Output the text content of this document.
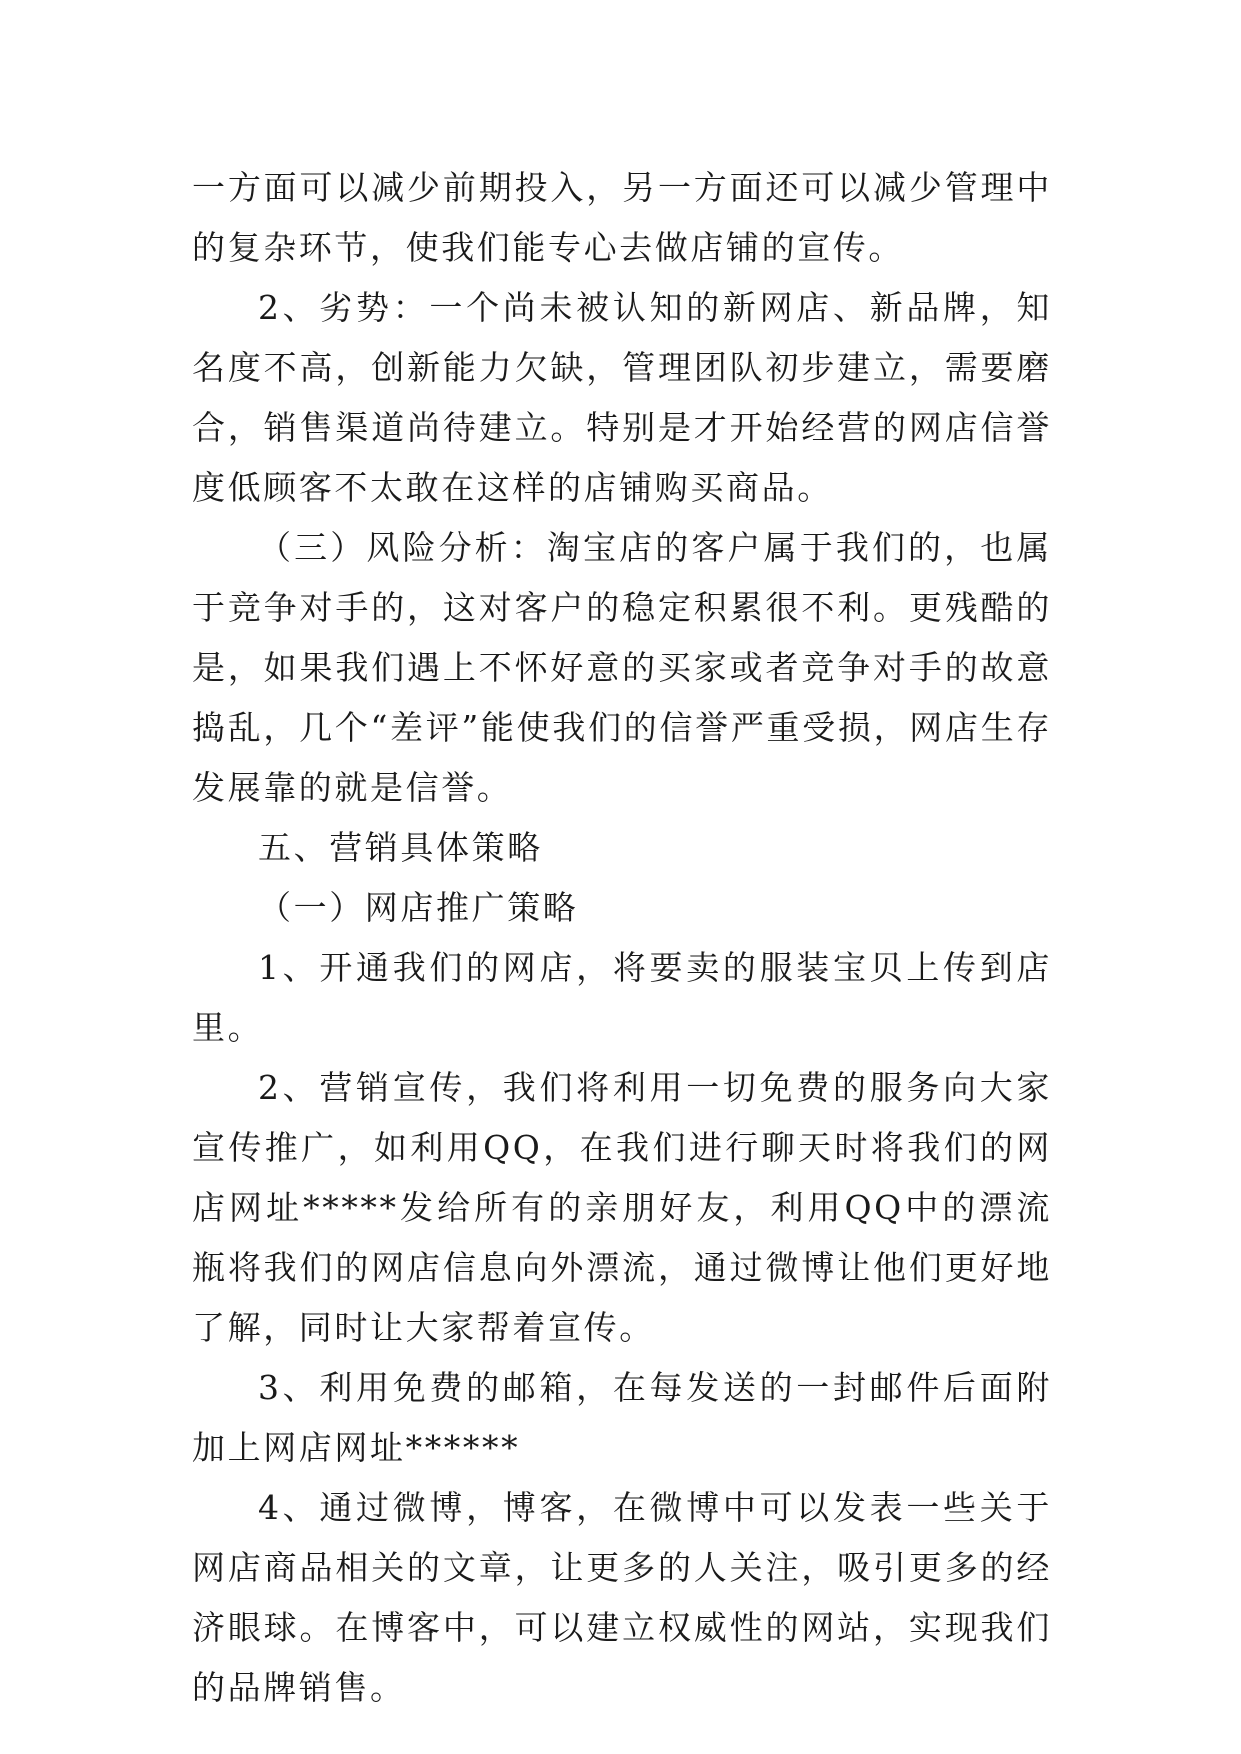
一方面可以减少前期投入，另一方面还可以减少管理中的复杂环节，使我们能专心去做店铺的宣传。

2、劣势：一个尚未被认知的新网店、新品牌，知名度不高，创新能力欠缺，管理团队初步建立，需要磨合，销售渠道尚待建立。特别是才开始经营的网店信誉度低顾客不太敢在这样的店铺购买商品。

（三）风险分析：淘宝店的客户属于我们的，也属于竞争对手的，这对客户的稳定积累很不利。更残酷的是，如果我们遇上不怀好意的买家或者竞争对手的故意捣乱，几个“差评”能使我们的信誉严重受损，网店生存发展靠的就是信誉。

五、营销具体策略

（一）网店推广策略

1、开通我们的网店，将要卖的服装宝贝上传到店里。

2、营销宣传，我们将利用一切免费的服务向大家宣传推广，如利用QQ，在我们进行聊天时将我们的网店网址*****发给所有的亲朋好友，利用QQ中的漂流瓶将我们的网店信息向外漂流，通过微博让他们更好地了解，同时让大家帮着宣传。

3、利用免费的邮箱，在每发送的一封邮件后面附加上网店网址******

4、通过微博，博客，在微博中可以发表一些关于网店商品相关的文章，让更多的人关注，吸引更多的经济眼球。在博客中，可以建立权威性的网站，实现我们的品牌销售。
